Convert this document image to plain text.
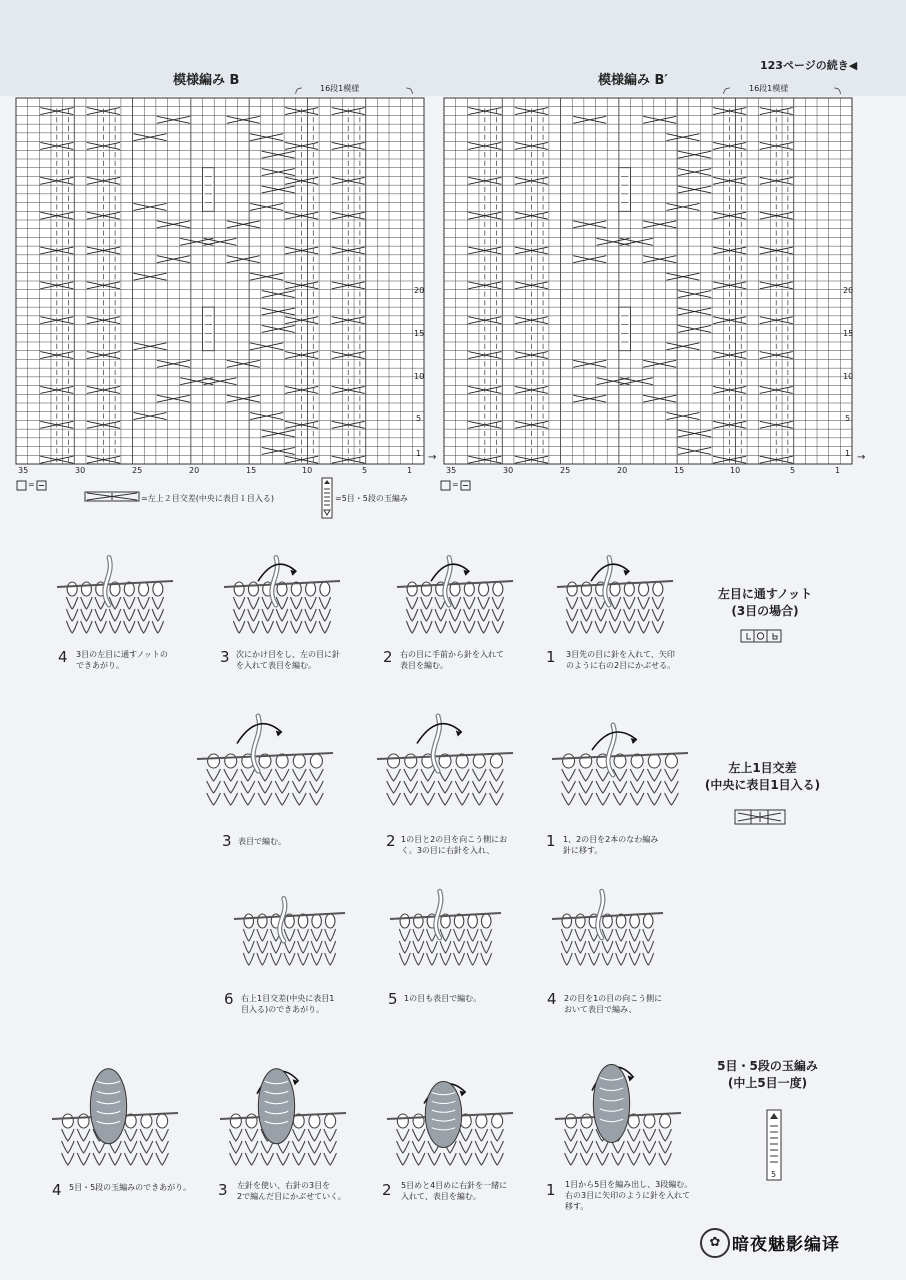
123ページの続き◀
模様編み B	模様編み B′
16段1模様	16段1模様
20
15
10
5
1
20
15
10
5
1
35	30	25	20	15	10	5	1	35	30	25	20	15	10	5	1
→	→
=	=
=左上２目交差(中央に表目１目入る)	=5目・5段の玉編み
4 3目の左目に通すノットの
できあがり。	3 次にかけ目をし、左の目に針
を入れて表目を編む。	2 右の目に手前から針を入れて
表目を編む。	1 3目先の目に針を入れて、矢印
のように右の2目にかぶせる。
3 表目で編む。	2 1の目と2の目を向こう側にお
く。3の目に右針を入れ、
1 1、2の目を2本のなわ編み
針に移す。
6 右上1目交差(中央に表目1
目入る)のできあがり。
5 1の目も表目で編む。	4 2の目を1の目の向こう側に
おいて表目で編み、
4 5目・5段の玉編みのできあがり。 3 左針を使い、右針の3目を
2で編んだ目にかぶせていく。 2 5目めと4目めに右針を一緒に
入れて、表目を編む。	1 1目から5目を編み出し、3段編む。
右の3目に矢印のように針を入れて
移す。
左目に通すノット
(3目の場合)
左上1目交差
(中央に表目1目入る)
5目・5段の玉編み
(中上5目一度)
5
✿ 暗夜魅影编译
